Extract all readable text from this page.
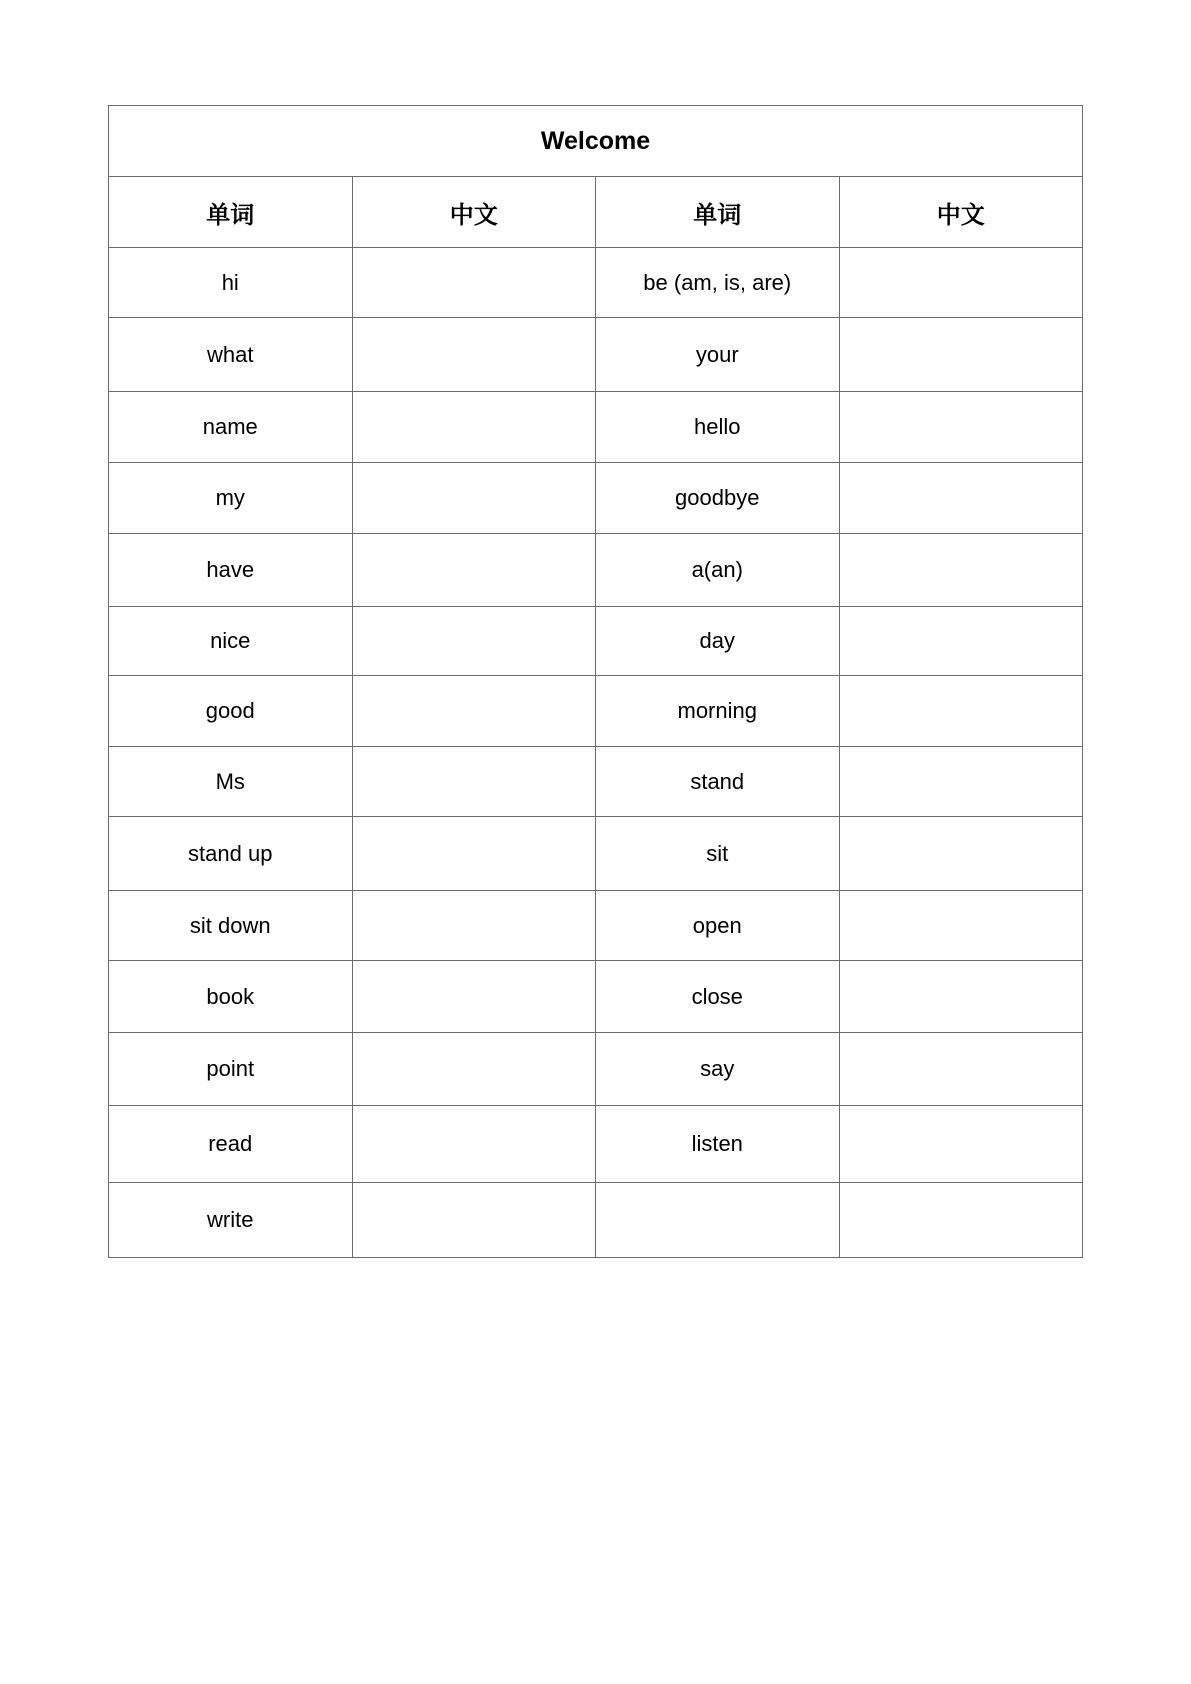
Welcome			
单词	中文	单词	中文
hi		be (am, is, are)	
what		your	
name		hello	
my		goodbye	
have		a(an)	
nice		day	
good		morning	
Ms		stand	
stand up		sit	
sit down		open	
book		close	
point		say	
read		listen	
write			
